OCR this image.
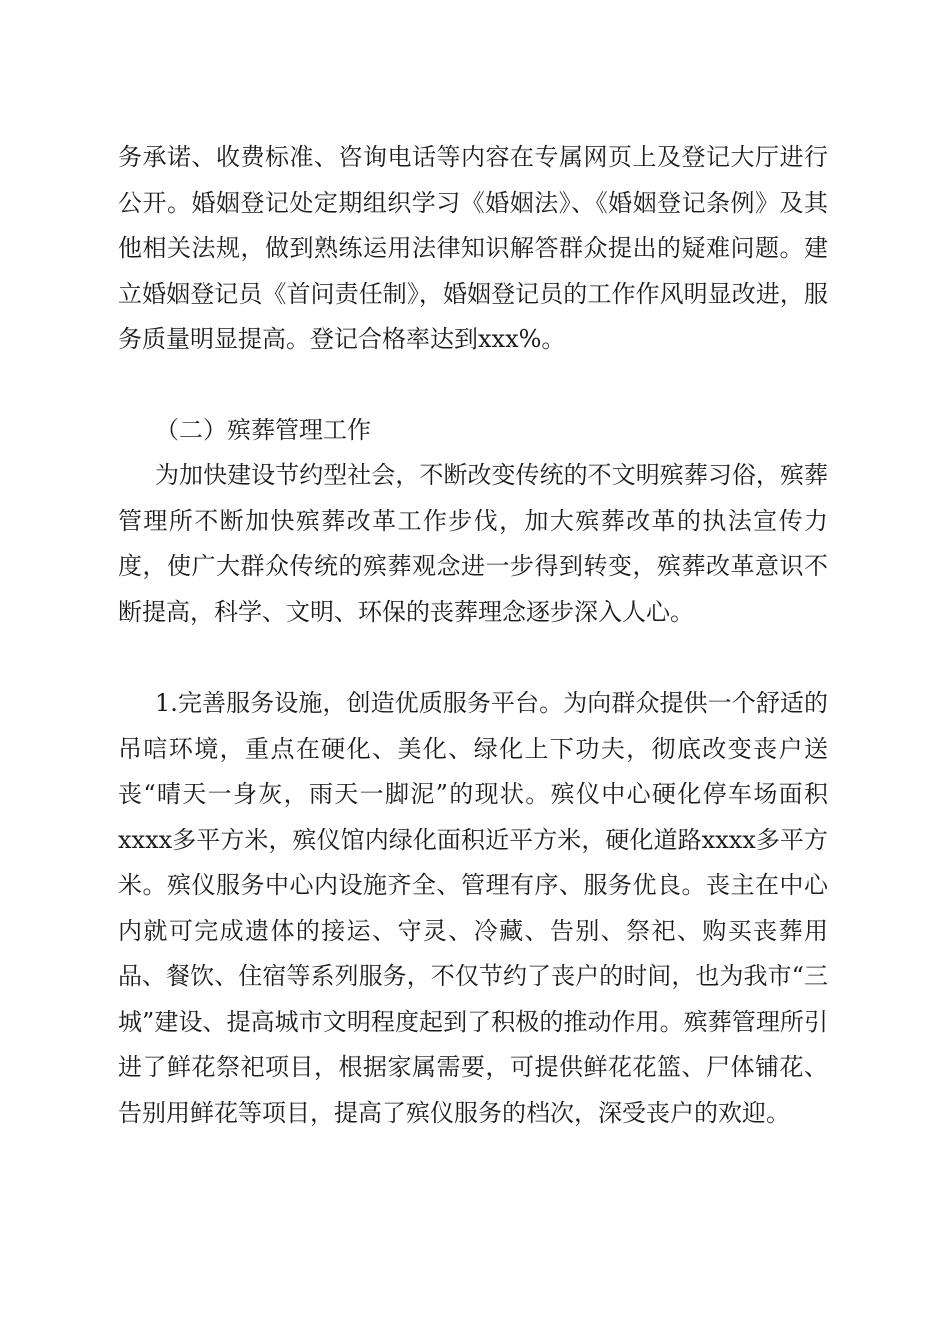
务承诺、收费标准、咨询电话等内容在专属网页上及登记大厅进行公开。婚姻登记处定期组织学习《婚姻法》、《婚姻登记条例》及其他相关法规，做到熟练运用法律知识解答群众提出的疑难问题。建立婚姻登记员《首问责任制》，婚姻登记员的工作作风明显改进，服务质量明显提高。登记合格率达到xxx%。
（二）殡葬管理工作
为加快建设节约型社会，不断改变传统的不文明殡葬习俗，殡葬管理所不断加快殡葬改革工作步伐，加大殡葬改革的执法宣传力度，使广大群众传统的殡葬观念进一步得到转变，殡葬改革意识不断提高，科学、文明、环保的丧葬理念逐步深入人心。
1.完善服务设施，创造优质服务平台。为向群众提供一个舒适的吊唁环境，重点在硬化、美化、绿化上下功夫，彻底改变丧户送丧“晴天一身灰，雨天一脚泥”的现状。殡仪中心硬化停车场面积xxxx多平方米，殡仪馆内绿化面积近平方米，硬化道路xxxx多平方米。殡仪服务中心内设施齐全、管理有序、服务优良。丧主在中心内就可完成遗体的接运、守灵、冷藏、告别、祭祀、购买丧葬用品、餐饮、住宿等系列服务，不仅节约了丧户的时间，也为我市“三城”建设、提高城市文明程度起到了积极的推动作用。殡葬管理所引进了鲜花祭祀项目，根据家属需要，可提供鲜花花篮、尸体铺花、告别用鲜花等项目，提高了殡仪服务的档次，深受丧户的欢迎。
